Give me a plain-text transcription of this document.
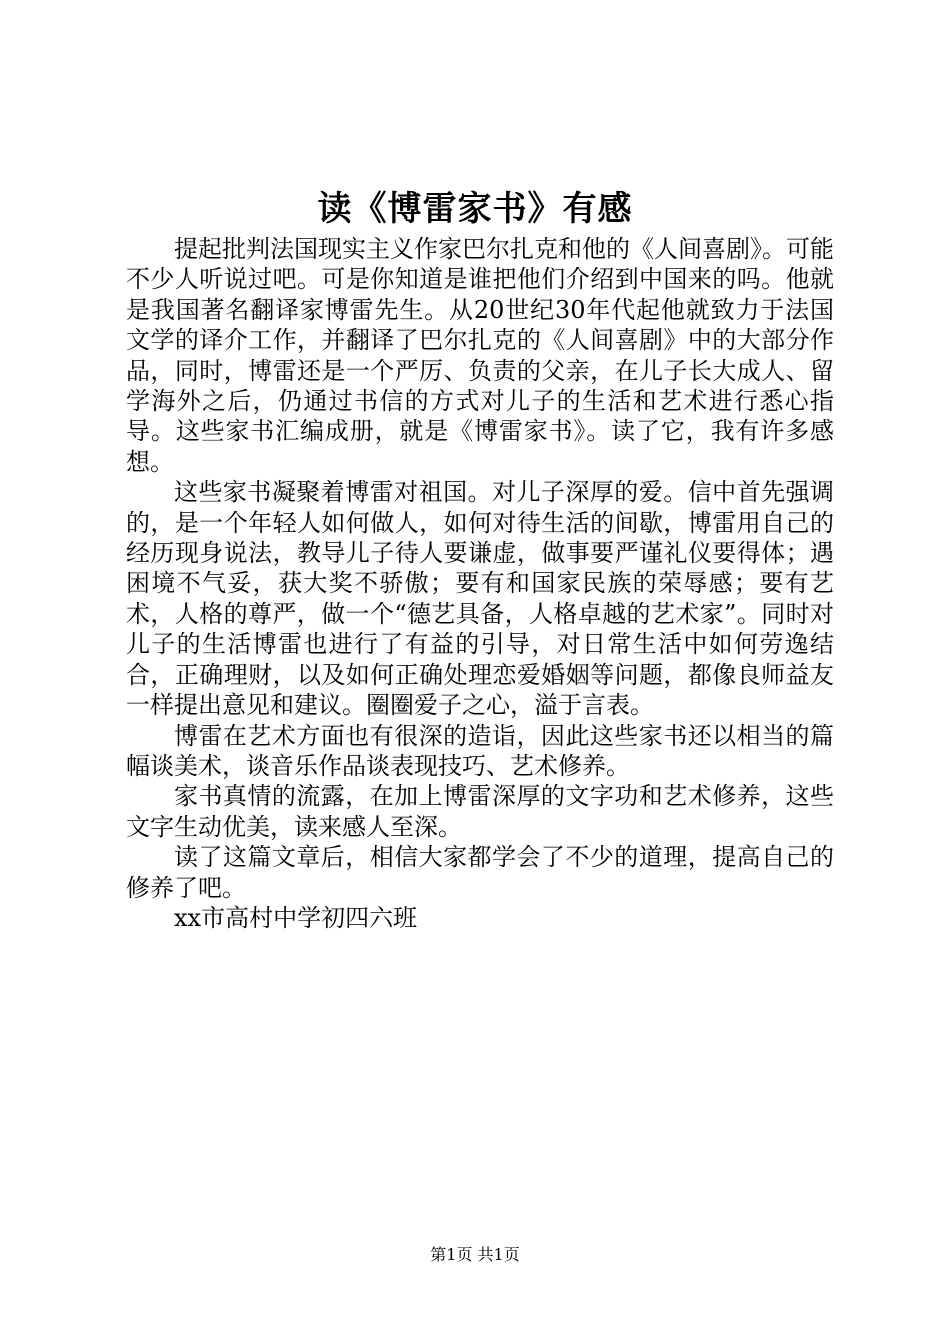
读《博雷家书》有感

提起批判法国现实主义作家巴尔扎克和他的《人间喜剧》。可能不少人听说过吧。可是你知道是谁把他们介绍到中国来的吗。他就是我国著名翻译家博雷先生。从20世纪30年代起他就致力于法国文学的译介工作，并翻译了巴尔扎克的《人间喜剧》中的大部分作品，同时，博雷还是一个严厉、负责的父亲，在儿子长大成人、留学海外之后，仍通过书信的方式对儿子的生活和艺术进行悉心指导。这些家书汇编成册，就是《博雷家书》。读了它，我有许多感想。

这些家书凝聚着博雷对祖国。对儿子深厚的爱。信中首先强调的，是一个年轻人如何做人，如何对待生活的间歇，博雷用自己的经历现身说法，教导儿子待人要谦虚，做事要严谨礼仪要得体；遇困境不气妥，获大奖不骄傲；要有和国家民族的荣辱感；要有艺术，人格的尊严，做一个“德艺具备，人格卓越的艺术家”。同时对儿子的生活博雷也进行了有益的引导，对日常生活中如何劳逸结合，正确理财，以及如何正确处理恋爱婚姻等问题，都像良师益友一样提出意见和建议。圈圈爱子之心，溢于言表。

博雷在艺术方面也有很深的造诣，因此这些家书还以相当的篇幅谈美术，谈音乐作品谈表现技巧、艺术修养。

家书真情的流露，在加上博雷深厚的文字功和艺术修养，这些文字生动优美，读来感人至深。

读了这篇文章后，相信大家都学会了不少的道理，提高自己的修养了吧。

xx市高村中学初四六班

第1页 共1页
